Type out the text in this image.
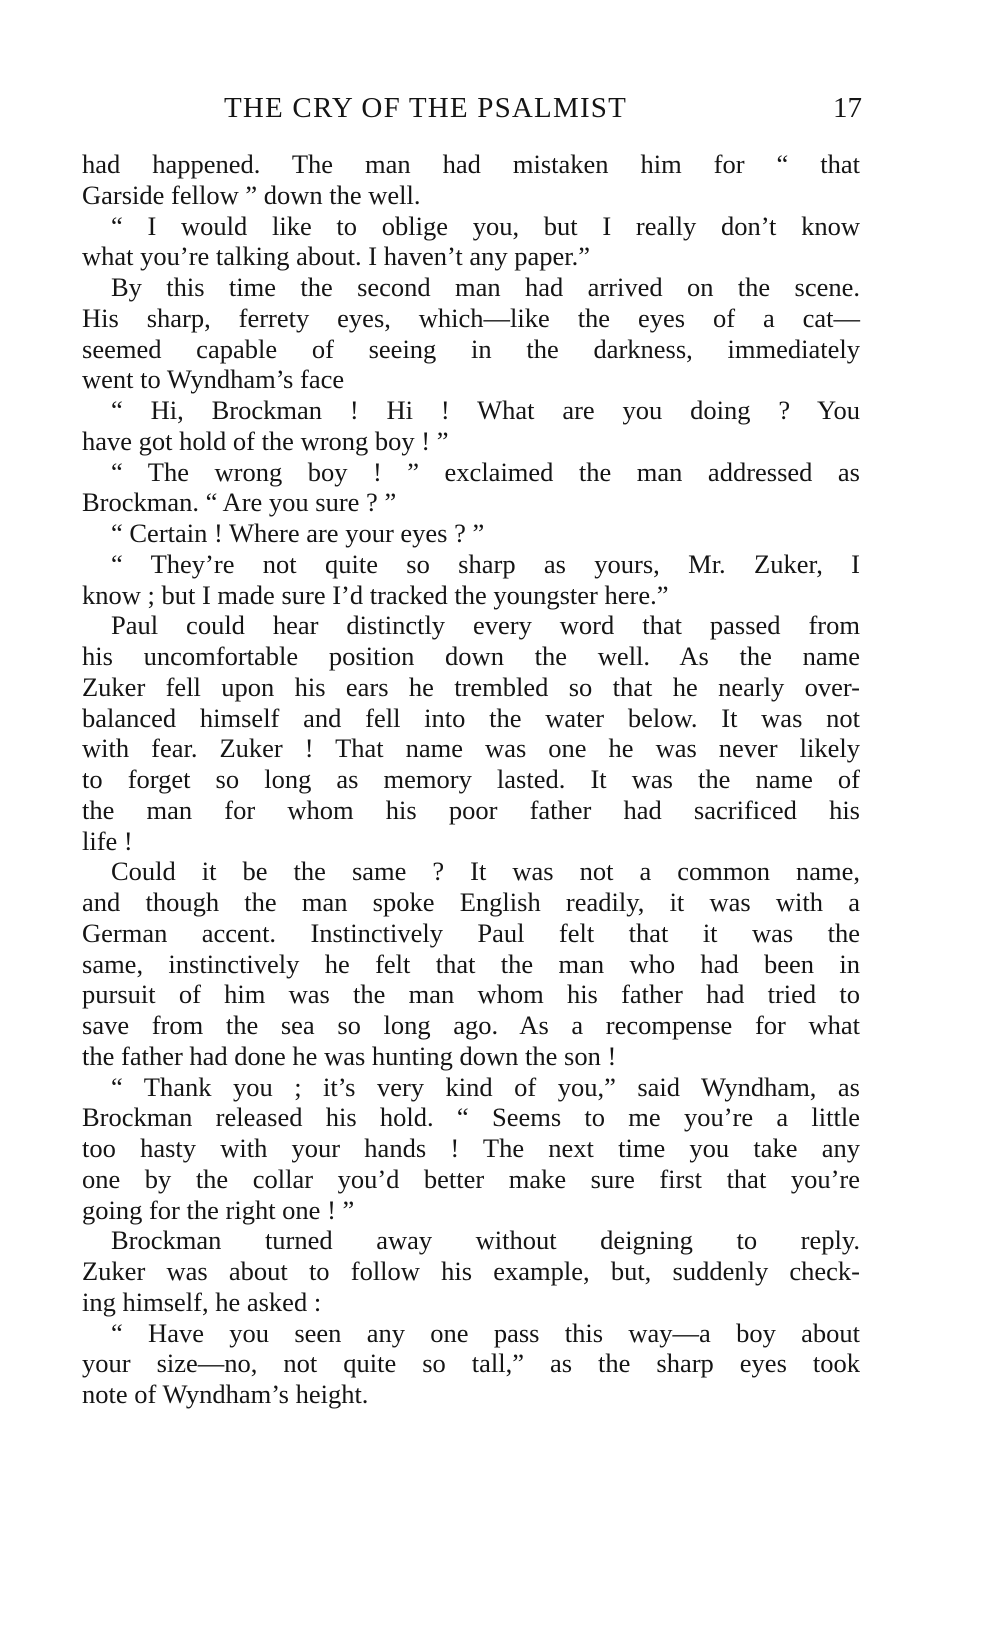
THE CRY OF THE PSALMIST	17
had happened. The man had mistaken him for “ that
Garside fellow ” down the well.
“ I would like to oblige you, but I really don’t know
what you’re talking about. I haven’t any paper.”
By this time the second man had arrived on the scene.
His sharp, ferrety eyes, which—like the eyes of a cat—
seemed capable of seeing in the darkness, immediately
went to Wyndham’s face
“ Hi, Brockman ! Hi ! What are you doing ? You
have got hold of the wrong boy ! ”
“ The wrong boy ! ” exclaimed the man addressed as
Brockman. “ Are you sure ? ”
“ Certain ! Where are your eyes ? ”
“ They’re not quite so sharp as yours, Mr. Zuker, I
know ; but I made sure I’d tracked the youngster here.”
Paul could hear distinctly every word that passed from
his uncomfortable position down the well. As the name
Zuker fell upon his ears he trembled so that he nearly over-
balanced himself and fell into the water below. It was not
with fear. Zuker ! That name was one he was never likely
to forget so long as memory lasted. It was the name of
the man for whom his poor father had sacrificed his
life !
Could it be the same ? It was not a common name,
and though the man spoke English readily, it was with a
German accent. Instinctively Paul felt that it was the
same, instinctively he felt that the man who had been in
pursuit of him was the man whom his father had tried to
save from the sea so long ago. As a recompense for what
the father had done he was hunting down the son !
“ Thank you ; it’s very kind of you,” said Wyndham, as
Brockman released his hold. “ Seems to me you’re a little
too hasty with your hands ! The next time you take any
one by the collar you’d better make sure first that you’re
going for the right one ! ”
Brockman turned away without deigning to reply.
Zuker was about to follow his example, but, suddenly check-
ing himself, he asked :
“ Have you seen any one pass this way—a boy about
your size—no, not quite so tall,” as the sharp eyes took
note of Wyndham’s height.
